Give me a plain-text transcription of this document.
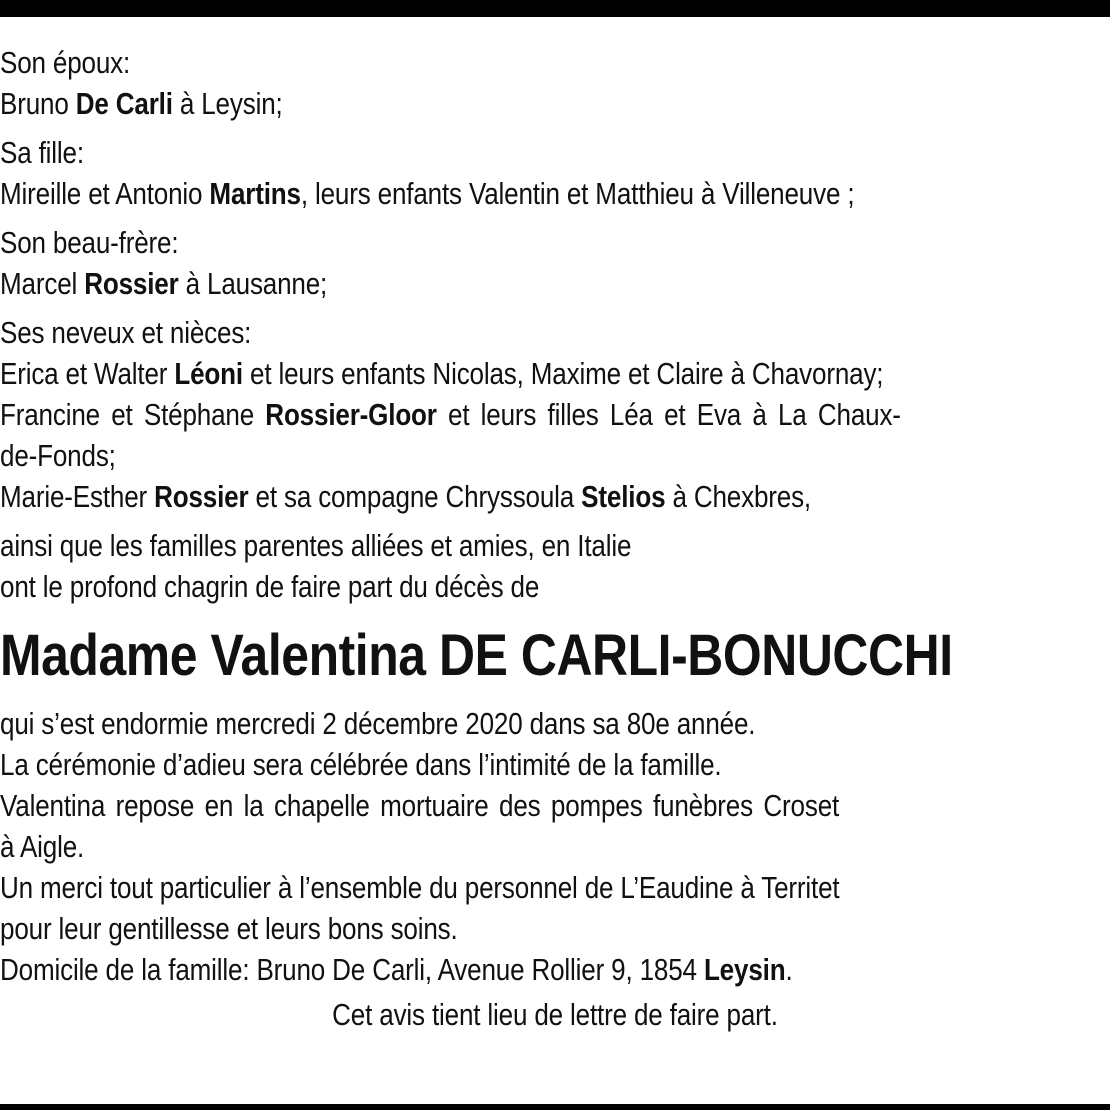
Son époux:
Bruno De Carli à Leysin;
Sa fille:
Mireille et Antonio Martins, leurs enfants Valentin et Matthieu à Villeneuve ;
Son beau-frère:
Marcel Rossier à Lausanne;
Ses neveux et nièces:
Erica et Walter Léoni et leurs enfants Nicolas, Maxime et Claire à Chavornay;
Francine et Stéphane Rossier-Gloor et leurs filles Léa et Eva à La Chaux-
de-Fonds;
Marie-Esther Rossier et sa compagne Chryssoula Stelios à Chexbres,
ainsi que les familles parentes alliées et amies, en Italie
ont le profond chagrin de faire part du décès de
Madame Valentina DE CARLI-BONUCCHI
qui s’est endormie mercredi 2 décembre 2020 dans sa 80e année.
La cérémonie d’adieu sera célébrée dans l’intimité de la famille.
Valentina repose en la chapelle mortuaire des pompes funèbres Croset
à Aigle.
Un merci tout particulier à l’ensemble du personnel de L’Eaudine à Territet
pour leur gentillesse et leurs bons soins.
Domicile de la famille: Bruno De Carli, Avenue Rollier 9, 1854 Leysin.
Cet avis tient lieu de lettre de faire part.
